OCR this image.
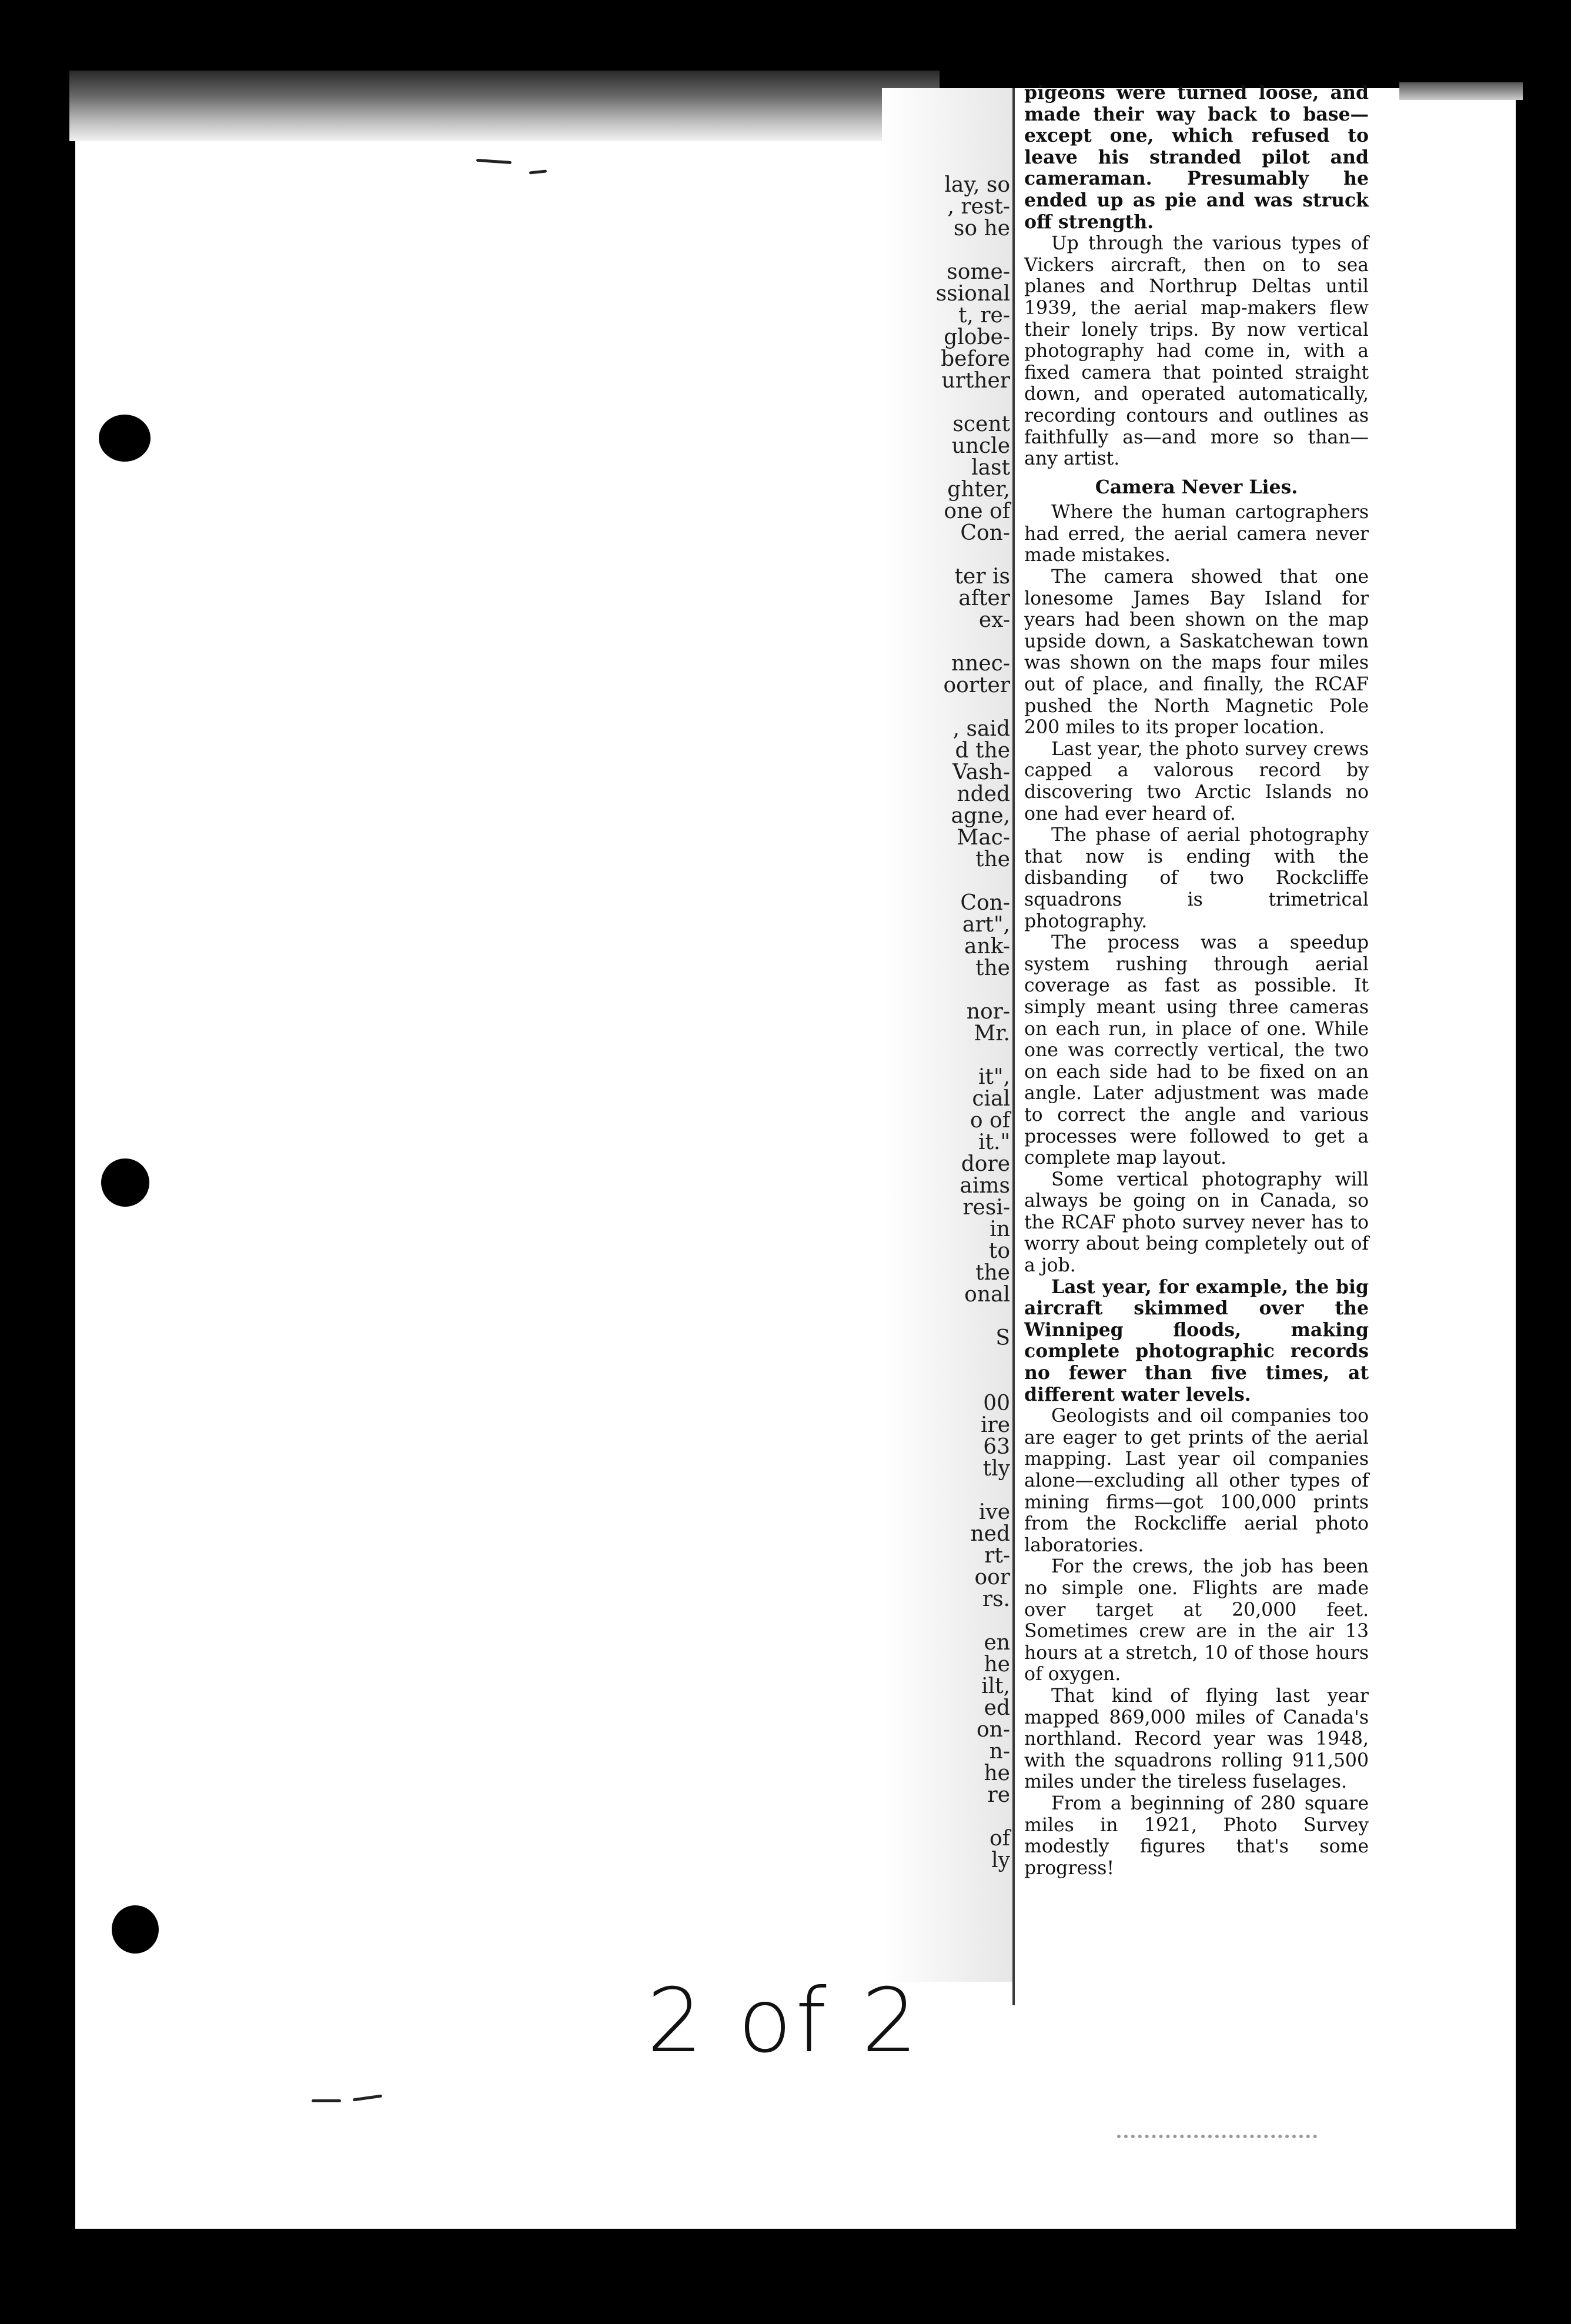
lay, so
, rest-
so he
some-
ssional
t, re-
globe-
before
urther
scent
uncle
last
ghter,
one of
Con-
ter is
after
ex-
nnec-
oorter
, said
d the
Vash-
nded
agne,
Mac-
the
Con-
art",
ank-
the
nor-
Mr.
it",
cial
o of
it."
dore
aims
resi-
in
to
the
onal
S
00
ire
63
tly
ive
ned
rt-
oor
rs.
en
he
ilt,
ed
on-
n-
he
re
of
ly

pigeons were turned loose, and made their way back to base—except one, which refused to leave his stranded pilot and cameraman. Presumably he ended up as pie and was struck off strength.

Up through the various types of Vickers aircraft, then on to sea planes and Northrup Deltas until 1939, the aerial map-makers flew their lonely trips. By now vertical photography had come in, with a fixed camera that pointed straight down, and operated automatically, recording contours and outlines as faithfully as—and more so than—any artist.

Camera Never Lies.

Where the human cartographers had erred, the aerial camera never made mistakes.

The camera showed that one lonesome James Bay Island for years had been shown on the map upside down, a Saskatchewan town was shown on the maps four miles out of place, and finally, the RCAF pushed the North Magnetic Pole 200 miles to its proper location.

Last year, the photo survey crews capped a valorous record by discovering two Arctic Islands no one had ever heard of.

The phase of aerial photography that now is ending with the disbanding of two Rockcliffe squadrons is trimetrical photography.

The process was a speedup system rushing through aerial coverage as fast as possible. It simply meant using three cameras on each run, in place of one. While one was correctly vertical, the two on each side had to be fixed on an angle. Later adjustment was made to correct the angle and various processes were followed to get a complete map layout.

Some vertical photography will always be going on in Canada, so the RCAF photo survey never has to worry about being completely out of a job.

Last year, for example, the big aircraft skimmed over the Winnipeg floods, making complete photographic records no fewer than five times, at different water levels.

Geologists and oil companies too are eager to get prints of the aerial mapping. Last year oil companies alone—excluding all other types of mining firms—got 100,000 prints from the Rockcliffe aerial photo laboratories.

For the crews, the job has been no simple one. Flights are made over target at 20,000 feet. Sometimes crew are in the air 13 hours at a stretch, 10 of those hours of oxygen.

That kind of flying last year mapped 869,000 miles of Canada's northland. Record year was 1948, with the squadrons rolling 911,500 miles under the tireless fuselages.

From a beginning of 280 square miles in 1921, Photo Survey modestly figures that's some progress!

2 of 2
